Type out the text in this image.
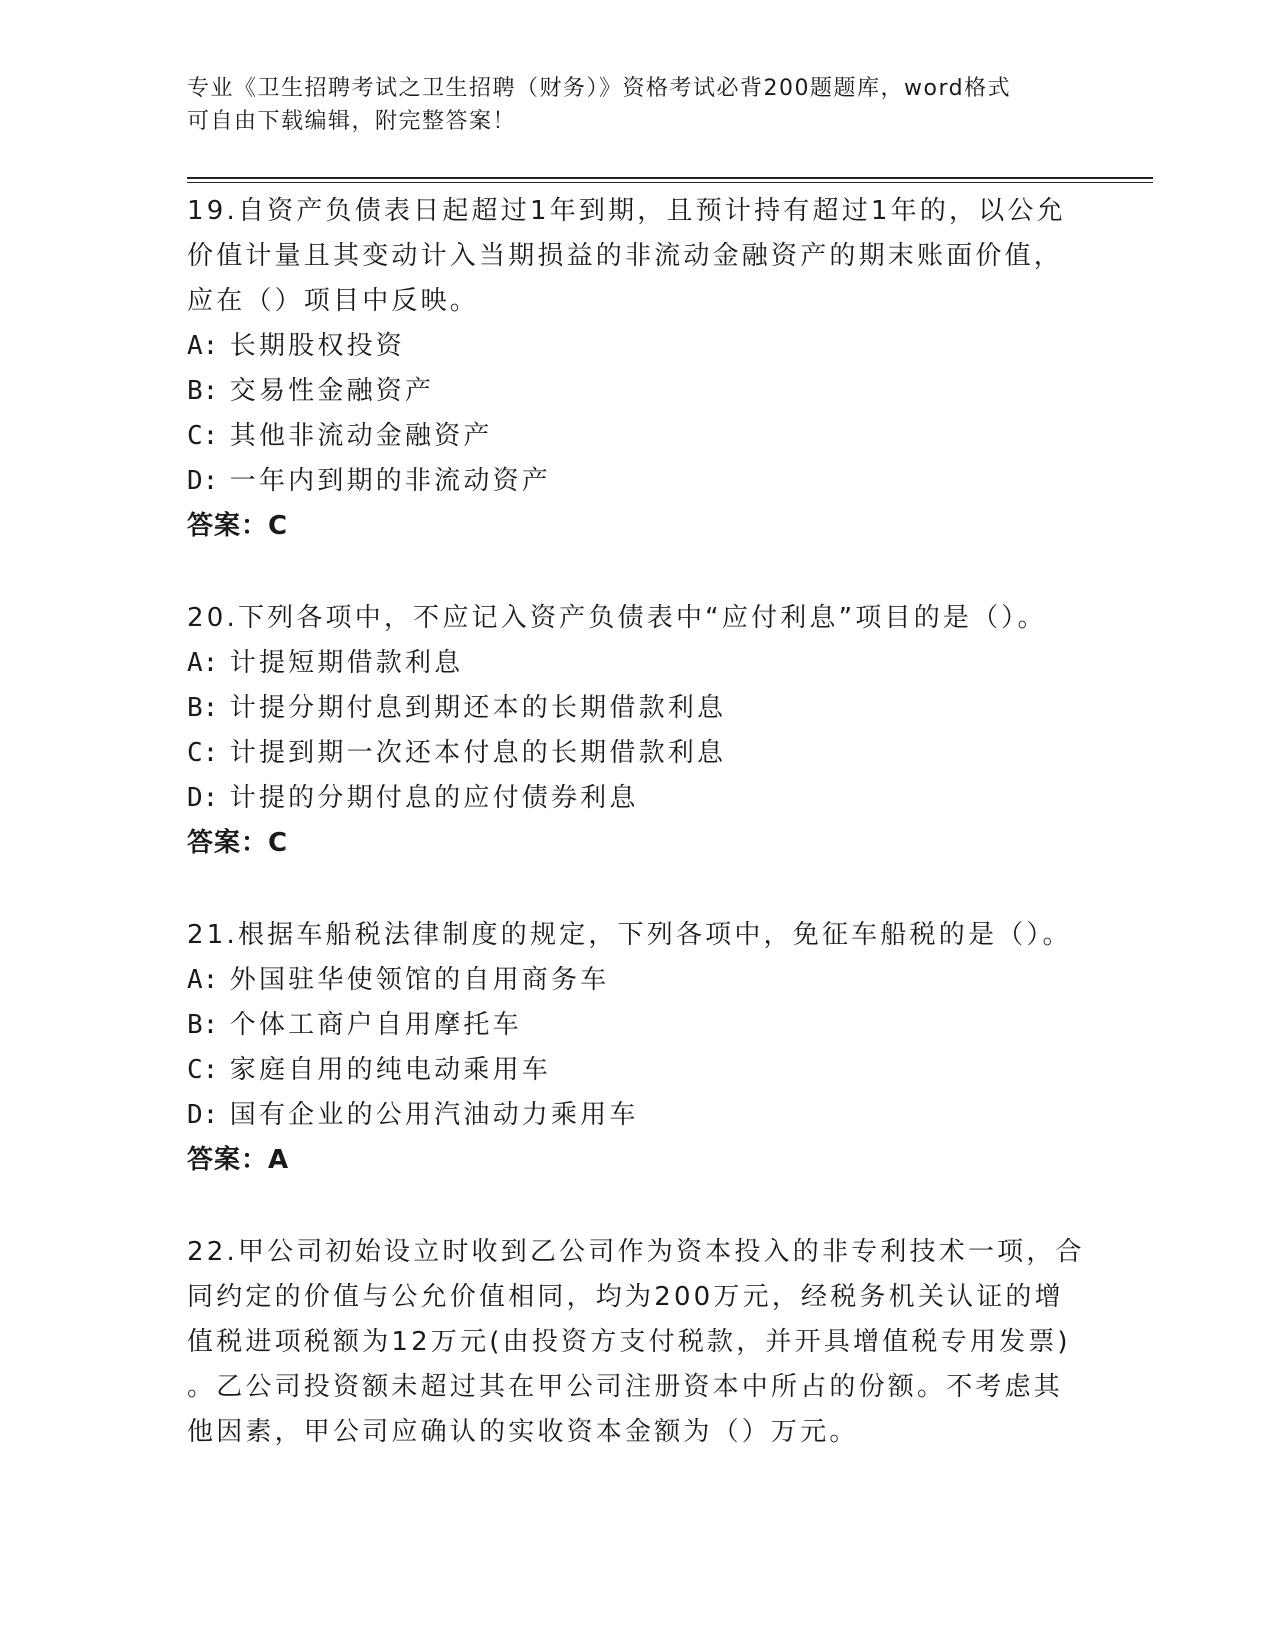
专业《卫生招聘考试之卫生招聘（财务）》资格考试必背200题题库，word格式
可自由下载编辑，附完整答案！
19.自资产负债表日起超过1年到期，且预计持有超过1年的，以公允
价值计量且其变动计入当期损益的非流动金融资产的期末账面价值，
应在（）项目中反映。
A: 长期股权投资
B: 交易性金融资产
C: 其他非流动金融资产
D: 一年内到期的非流动资产
答案：C
20.下列各项中，不应记入资产负债表中“应付利息”项目的是（）。
A: 计提短期借款利息
B: 计提分期付息到期还本的长期借款利息
C: 计提到期一次还本付息的长期借款利息
D: 计提的分期付息的应付债券利息
答案：C
21.根据车船税法律制度的规定，下列各项中，免征车船税的是（）。
A: 外国驻华使领馆的自用商务车
B: 个体工商户自用摩托车
C: 家庭自用的纯电动乘用车
D: 国有企业的公用汽油动力乘用车
答案：A
22.甲公司初始设立时收到乙公司作为资本投入的非专利技术一项，合
同约定的价值与公允价值相同，均为200万元，经税务机关认证的增
值税进项税额为12万元(由投资方支付税款，并开具增值税专用发票)
。乙公司投资额未超过其在甲公司注册资本中所占的份额。不考虑其
他因素，甲公司应确认的实收资本金额为（）万元。
